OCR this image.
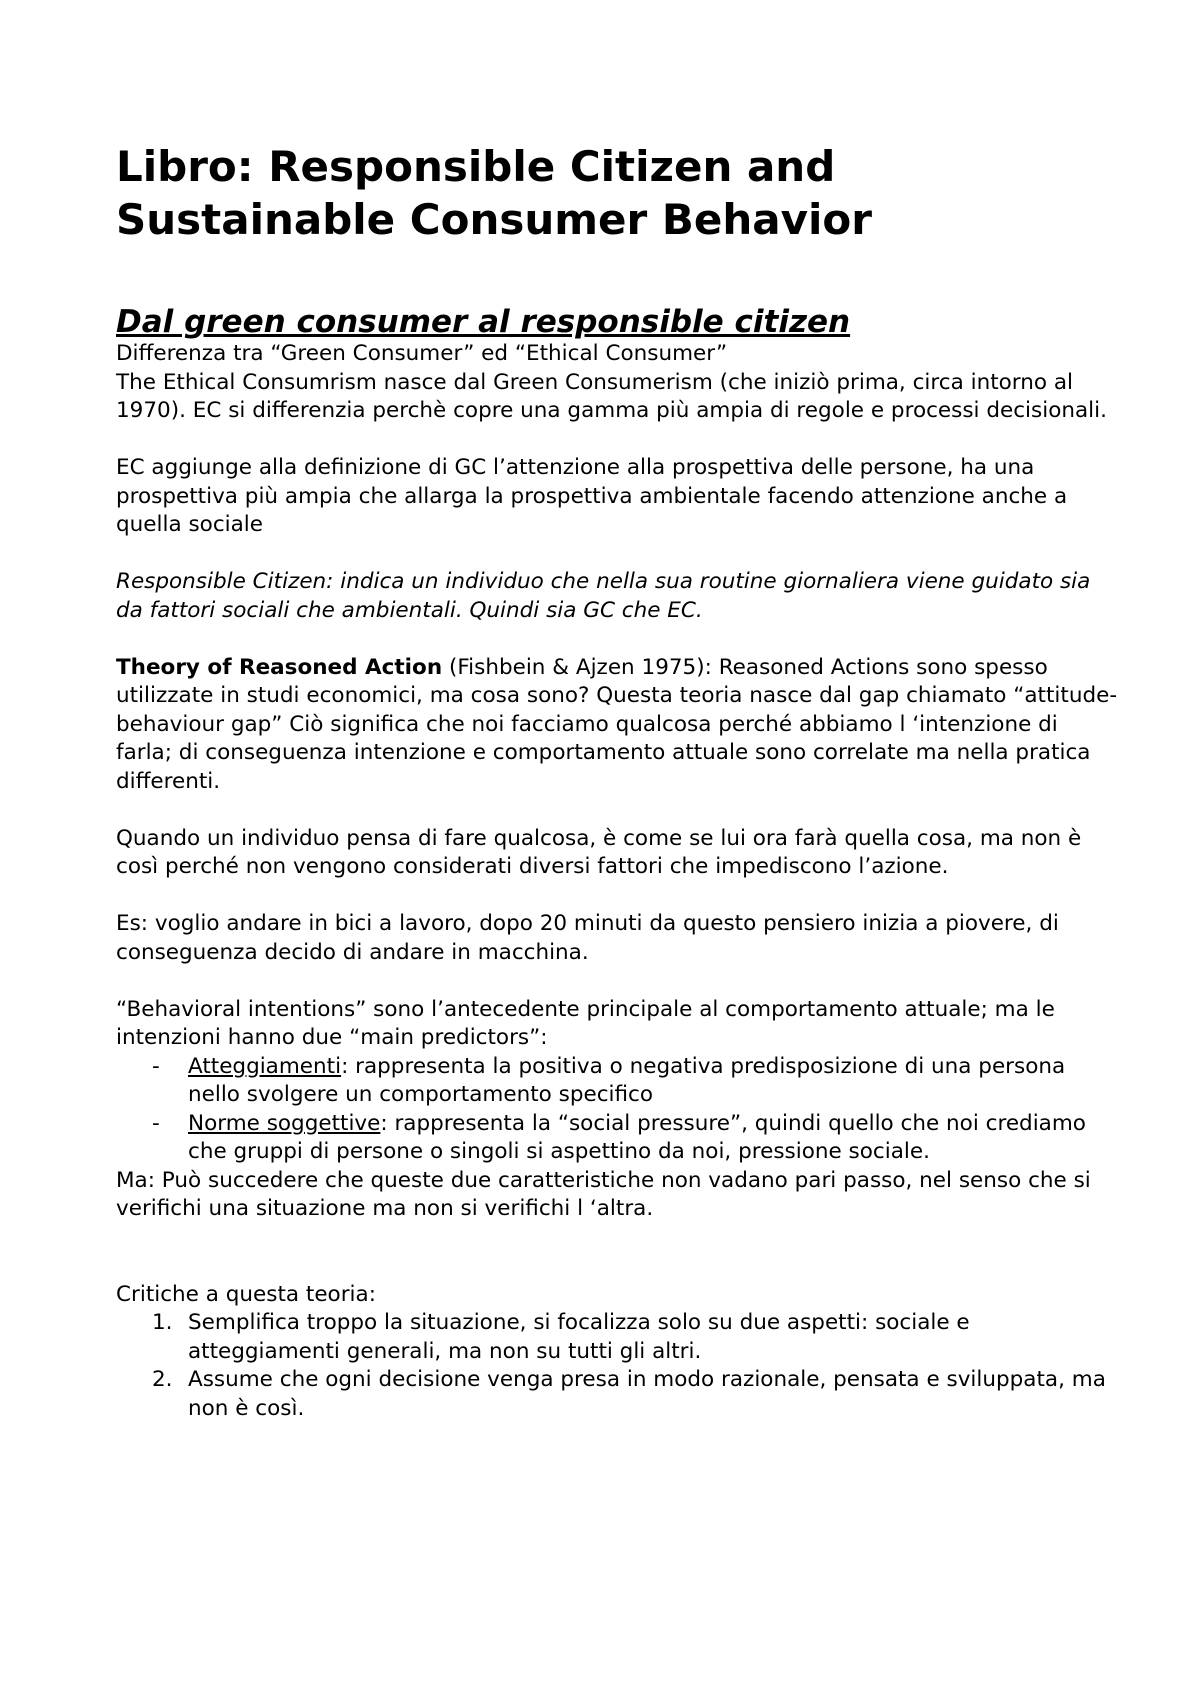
Libro: Responsible Citizen and
Sustainable Consumer Behavior
Dal green consumer al responsible citizen

Differenza tra “Green Consumer” ed “Ethical Consumer”
The Ethical Consumrism nasce dal Green Consumerism (che iniziò prima, circa intorno al 1970). EC si differenzia perchè copre una gamma più ampia di regole e processi decisionali.

EC aggiunge alla definizione di GC l’attenzione alla prospettiva delle persone, ha una prospettiva più ampia che allarga la prospettiva ambientale facendo attenzione anche a quella sociale

Responsible Citizen: indica un individuo che nella sua routine giornaliera viene guidato sia da fattori sociali che ambientali. Quindi sia GC che EC.

Theory of Reasoned Action (Fishbein & Ajzen 1975): Reasoned Actions sono spesso utilizzate in studi economici, ma cosa sono? Questa teoria nasce dal gap chiamato “attitude-behaviour gap” Ciò significa che noi facciamo qualcosa perché abbiamo l ‘intenzione di farla; di conseguenza intenzione e comportamento attuale sono correlate ma nella pratica differenti.

Quando un individuo pensa di fare qualcosa, è come se lui ora farà quella cosa, ma non è così perché non vengono considerati diversi fattori che impediscono l’azione.

Es: voglio andare in bici a lavoro, dopo 20 minuti da questo pensiero inizia a piovere, di conseguenza decido di andare in macchina.

“Behavioral intentions” sono l’antecedente principale al comportamento attuale; ma le intenzioni hanno due “main predictors”:

- Atteggiamenti: rappresenta la positiva o negativa predisposizione di una persona nello svolgere un comportamento specifico
- Norme soggettive: rappresenta la “social pressure”, quindi quello che noi crediamo che gruppi di persone o singoli si aspettino da noi, pressione sociale.

Ma: Può succedere che queste due caratteristiche non vadano pari passo, nel senso che si verifichi una situazione ma non si verifichi l ‘altra.

Critiche a questa teoria:

1. Semplifica troppo la situazione, si focalizza solo su due aspetti: sociale e atteggiamenti generali, ma non su tutti gli altri.
2. Assume che ogni decisione venga presa in modo razionale, pensata e sviluppata, ma non è così.
